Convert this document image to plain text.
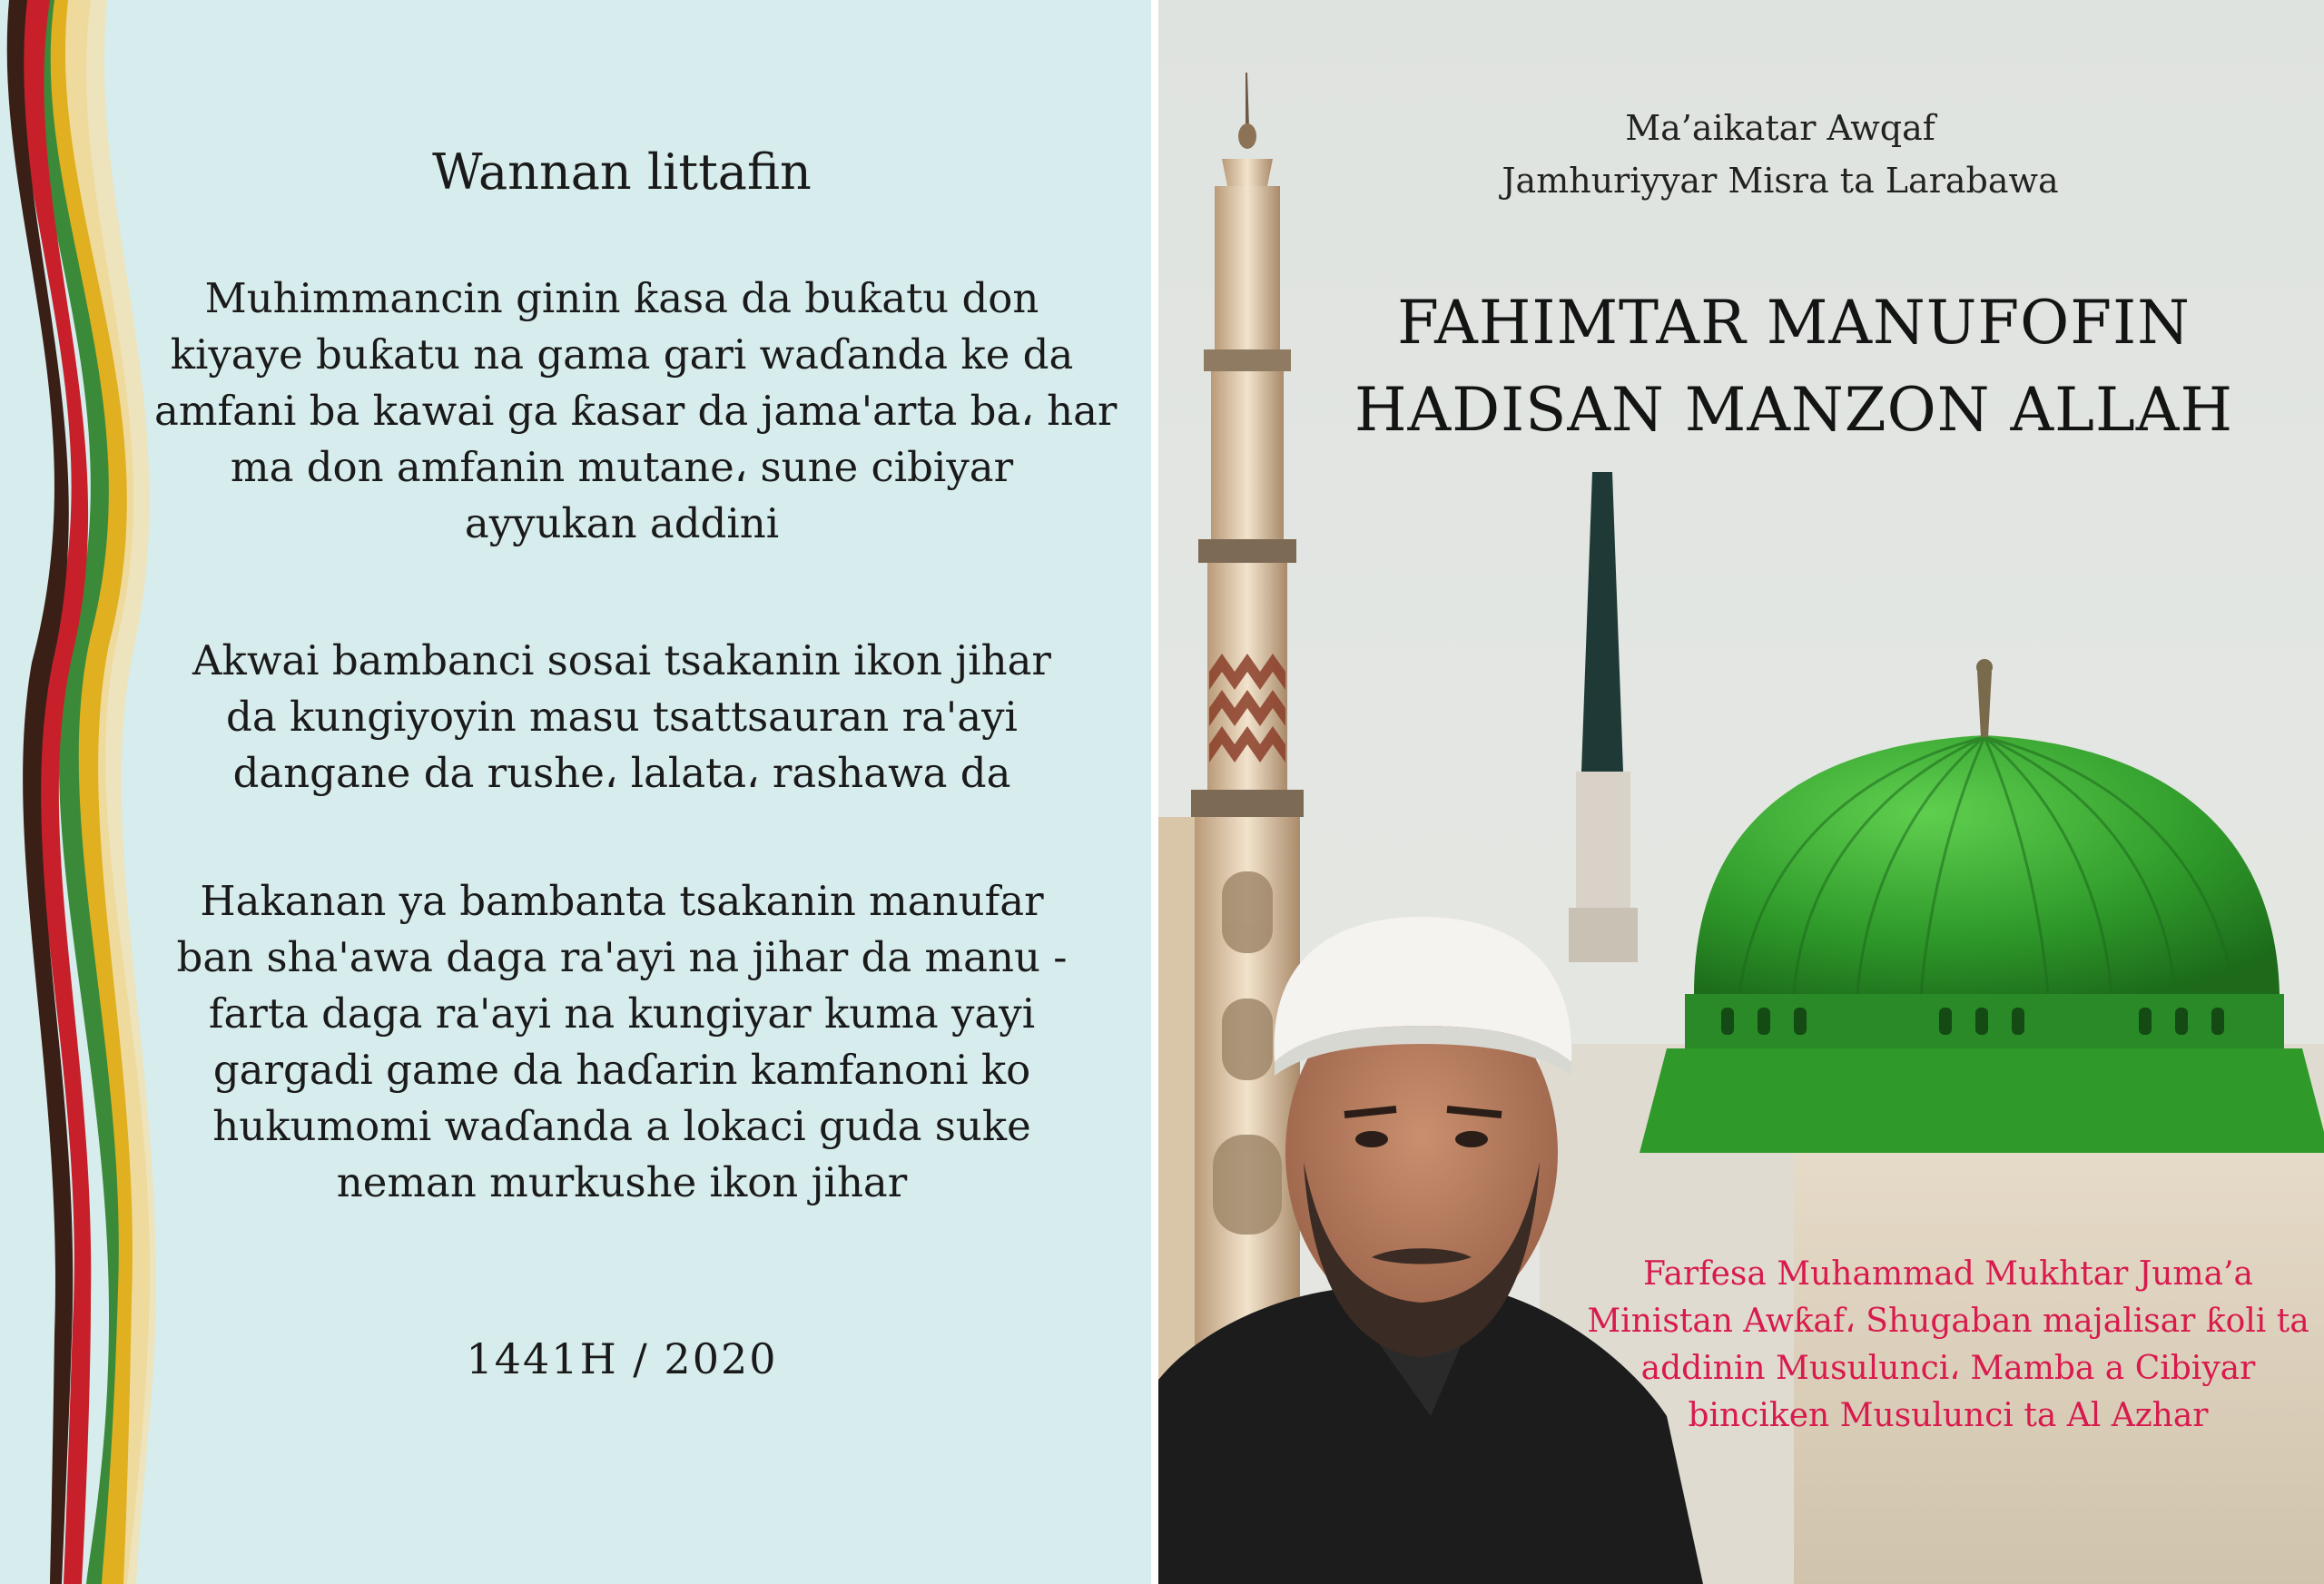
Wannan littafin
Muhimmancin ginin ƙasa da buƙatu don
kiyaye buƙatu na gama gari waɗanda ke da
amfani ba kawai ga ƙasar da jama'arta ba، har
ma don amfanin mutane، sune cibiyar
ayyukan addini
Akwai bambanci sosai tsakanin ikon jihar
da kungiyoyin masu tsattsauran ra'ayi
dangane da rushe، lalata، rashawa da
Hakanan ya bambanta tsakanin manufar
ban sha'awa daga ra'ayi na jihar da manu -
farta daga ra'ayi na kungiyar kuma yayi
gargadi game da haɗarin kamfanoni ko
hukumomi waɗanda a lokaci guda suke
neman murkushe ikon jihar
1441H / 2020
Ma’aikatar Awqaf
Jamhuriyyar Misra ta Larabawa
FAHIMTAR MANUFOFIN
HADISAN MANZON ALLAH
Farfesa Muhammad Mukhtar Juma’a
Ministan Awƙaf، Shugaban majalisar ƙoli ta
addinin Musulunci، Mamba a Cibiyar
binciken Musulunci ta Al Azhar
